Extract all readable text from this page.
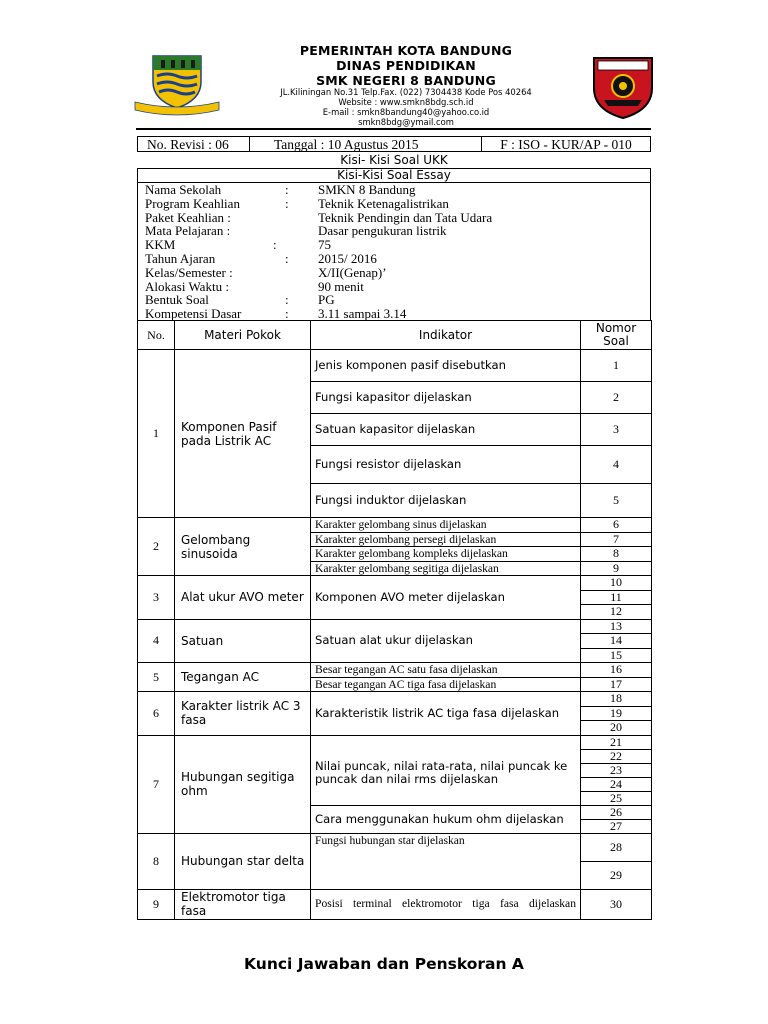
PEMERINTAH KOTA BANDUNG
DINAS PENDIDIKAN
SMK NEGERI 8 BANDUNG
JL.Kiliningan No.31 Telp.Fax. (022) 7304438 Kode Pos 40264
Website : www.smkn8bdg.sch.id
E-mail : smkn8bandung40@yahoo.co.id
smkn8bdg@ymail.com
No. Revisi : 06	Tanggal : 10 Agustus 2015	F : ISO - KUR/AP - 010
Kisi- Kisi Soal UKK
Kisi-Kisi Soal Essay
Nama Sekolah	: SMKN 8 Bandung
Program Keahlian	: Teknik Ketenagalistrikan
Paket Keahlian :	Teknik Pendingin dan Tata Udara
Mata Pelajaran :	Dasar pengukuran listrik
KKM	:	75
Tahun Ajaran	: 2015/ 2016
Kelas/Semester :	X/II(Genap)’
Alokasi Waktu :	90 menit
Bentuk Soal	: PG
Kompetensi Dasar	: 3.11 sampai 3.14
No.	Materi Pokok	Indikator	Nomor Soal
1	Komponen Pasif pada Listrik AC	Jenis komponen pasif disebutkan	1
		Fungsi kapasitor dijelaskan	2
		Satuan kapasitor dijelaskan	3
		Fungsi resistor dijelaskan	4
		Fungsi induktor dijelaskan	5
2	Gelombang sinusoida	Karakter gelombang sinus dijelaskan	6
		Karakter gelombang persegi dijelaskan	7
		Karakter gelombang kompleks dijelaskan	8
		Karakter gelombang segitiga dijelaskan	9
3	Alat ukur AVO meter	Komponen AVO meter dijelaskan	10
			11
			12
4	Satuan	Satuan alat ukur dijelaskan	13
			14
			15
5	Tegangan AC	Besar tegangan AC satu fasa dijelaskan	16
		Besar tegangan AC tiga fasa dijelaskan	17
6	Karakter listrik AC 3 fasa	Karakteristik listrik AC tiga fasa dijelaskan	18
			19
			20
7	Hubungan segitiga ohm	Nilai puncak, nilai rata-rata, nilai puncak ke puncak dan nilai rms dijelaskan	21
			22
			23
			24
			25
		Cara menggunakan hukum ohm dijelaskan	26
			27
8	Hubungan star delta	Fungsi hubungan star dijelaskan	28
			29
9	Elektromotor tiga fasa	Posisi terminal elektromotor tiga fasa dijelaskan	30
Kunci Jawaban dan Penskoran A
